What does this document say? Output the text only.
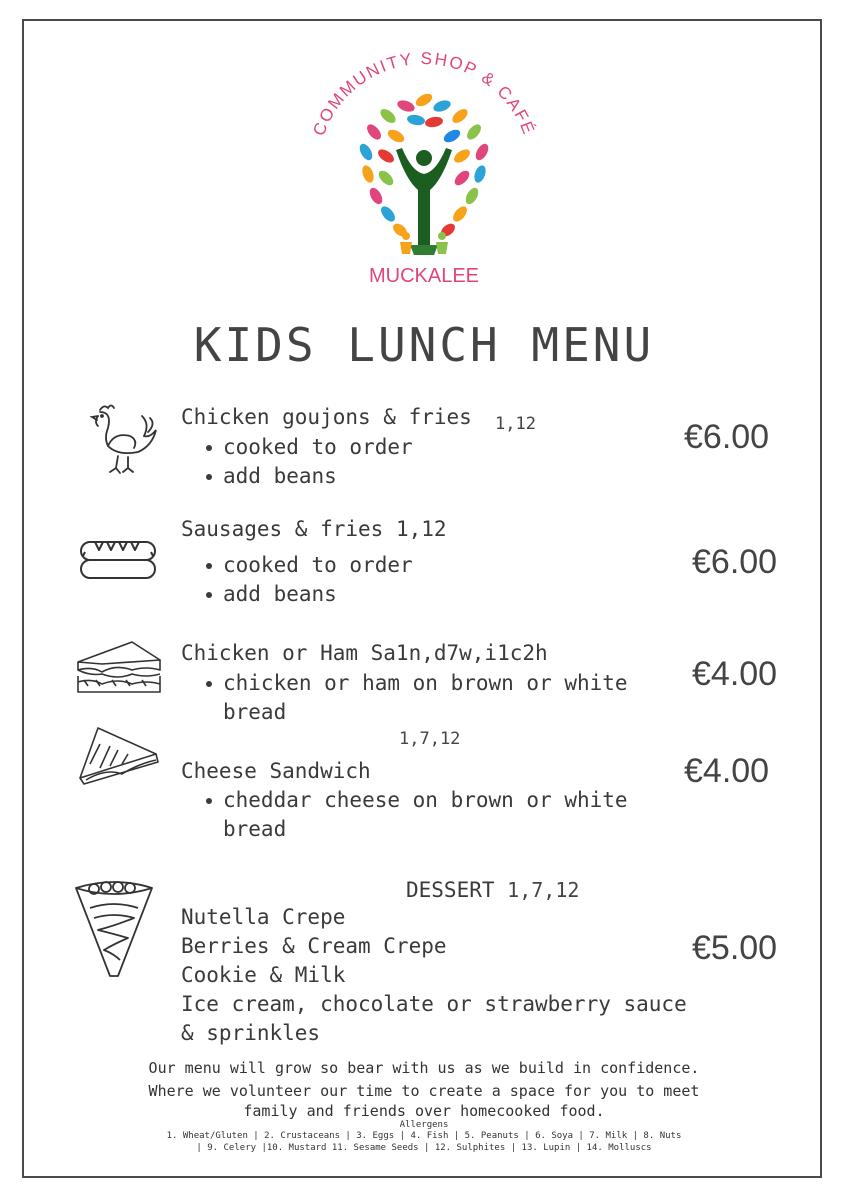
COMMUNITY SHOP & CAFÉ
MUCKALEE
KIDS LUNCH MENU
Chicken goujons & fries 1,12
cooked to order
add beans
€6.00
Sausages & fries 1,12
cooked to order
add beans
€6.00
Chicken or Ham Sa1n,d7w,i1c2h
chicken or ham on brown or white bread
€4.00
1,7,12
Cheese Sandwich
cheddar cheese on brown or white bread
€4.00
DESSERT 1,7,12
Nutella Crepe
Berries & Cream Crepe
Cookie & Milk
Ice cream, chocolate or strawberry sauce
& sprinkles
€5.00
Our menu will grow so bear with us as we build in confidence.
Where we volunteer our time to create a space for you to meet
family and friends over homecooked food.
Allergens
1. Wheat/Gluten | 2. Crustaceans | 3. Eggs | 4. Fish | 5. Peanuts | 6. Soya | 7. Milk | 8. Nuts
| 9. Celery |10. Mustard 11. Sesame Seeds | 12. Sulphites | 13. Lupin | 14. Molluscs
